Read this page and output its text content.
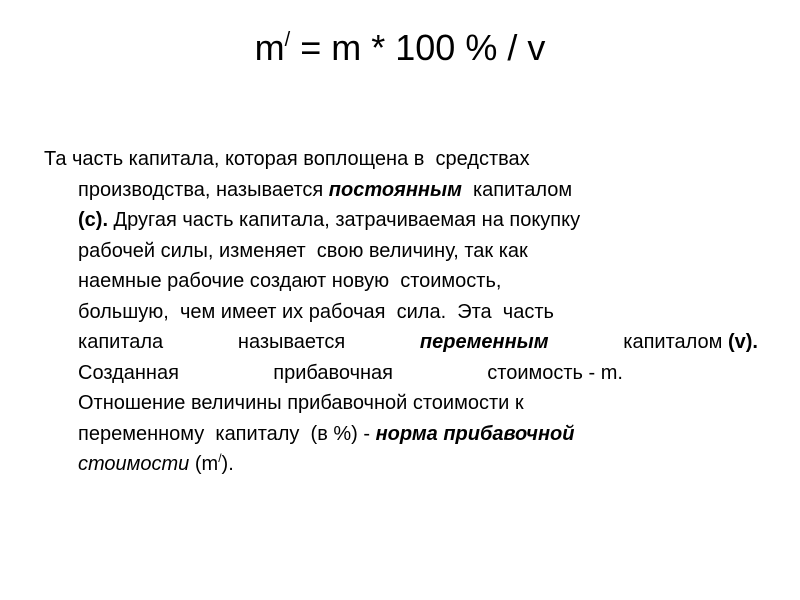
m/ = m * 100 % / v
Та часть капитала, которая воплощена в  средствах
производства, называется постоянным  капиталом
(с). Другая часть капитала, затрачиваемая на покупку
рабочей силы, изменяет  свою величину, так как
наемные рабочие создают новую  стоимость,
большую,  чем имеет их рабочая  сила.  Эта  часть
капитала	называется	переменным	капиталом (v).
Созданная	прибавочная	стоимость - m.
Отношение величины прибавочной стоимости к
переменному  капиталу  (в %) - норма прибавочной
стоимости (m/).
